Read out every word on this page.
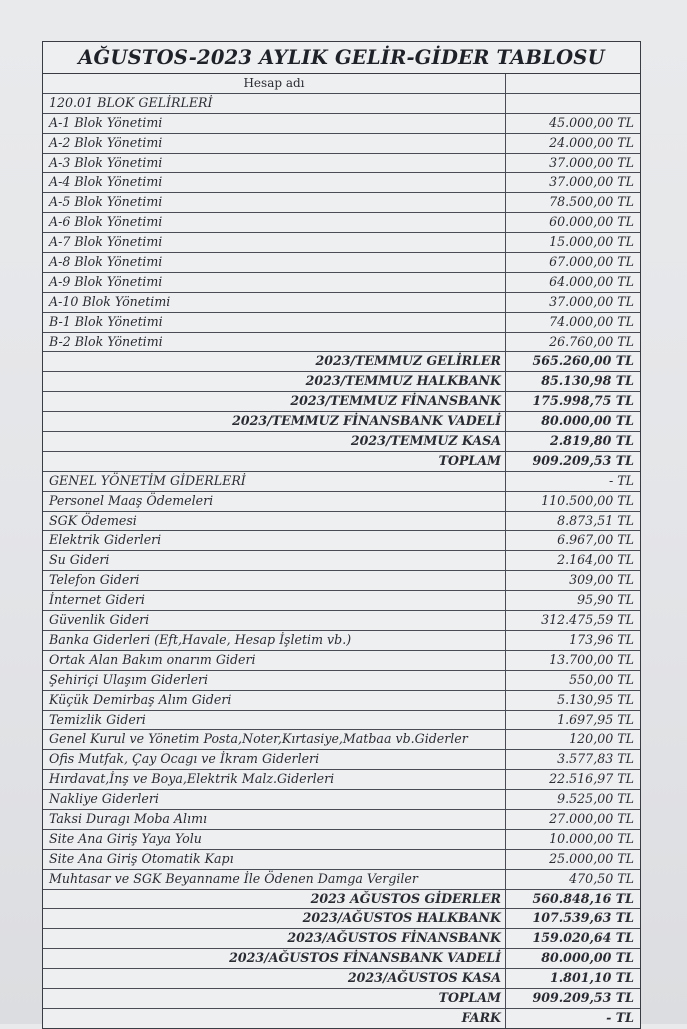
AĞUSTOS-2023 AYLIK GELİR-GİDER TABLOSU
Hesap adı
120.01 BLOK GELİRLERİ
A-1 Blok Yönetimi	45.000,00 TL
A-2 Blok Yönetimi	24.000,00 TL
A-3 Blok Yönetimi	37.000,00 TL
A-4 Blok Yönetimi	37.000,00 TL
A-5 Blok Yönetimi	78.500,00 TL
A-6 Blok Yönetimi	60.000,00 TL
A-7 Blok Yönetimi	15.000,00 TL
A-8 Blok Yönetimi	67.000,00 TL
A-9 Blok Yönetimi	64.000,00 TL
A-10 Blok Yönetimi	37.000,00 TL
B-1 Blok Yönetimi	74.000,00 TL
B-2 Blok Yönetimi	26.760,00 TL
2023/TEMMUZ GELİRLER	565.260,00 TL
2023/TEMMUZ HALKBANK	85.130,98 TL
2023/TEMMUZ FİNANSBANK	175.998,75 TL
2023/TEMMUZ FİNANSBANK VADELİ	80.000,00 TL
2023/TEMMUZ KASA	2.819,80 TL
TOPLAM	909.209,53 TL
GENEL YÖNETİM GİDERLERİ	- TL
Personel Maaş Ödemeleri	110.500,00 TL
SGK Ödemesi	8.873,51 TL
Elektrik Giderleri	6.967,00 TL
Su Gideri	2.164,00 TL
Telefon Gideri	309,00 TL
İnternet Gideri	95,90 TL
Güvenlik Gideri	312.475,59 TL
Banka Giderleri (Eft,Havale, Hesap İşletim vb.)	173,96 TL
Ortak Alan Bakım onarım Gideri	13.700,00 TL
Şehiriçi Ulaşım Giderleri	550,00 TL
Küçük Demirbaş Alım Gideri	5.130,95 TL
Temizlik Gideri	1.697,95 TL
Genel Kurul ve Yönetim Posta,Noter,Kırtasiye,Matbaa vb.Giderler	120,00 TL
Ofis Mutfak, Çay Ocagı ve İkram Giderleri	3.577,83 TL
Hırdavat,İnş ve Boya,Elektrik Malz.Giderleri	22.516,97 TL
Nakliye Giderleri	9.525,00 TL
Taksi Duragı Moba Alımı	27.000,00 TL
Site Ana Giriş Yaya Yolu	10.000,00 TL
Site Ana Giriş Otomatik Kapı	25.000,00 TL
Muhtasar ve SGK Beyanname İle Ödenen Damga Vergiler	470,50 TL
2023 AĞUSTOS GİDERLER	560.848,16 TL
2023/AĞUSTOS HALKBANK	107.539,63 TL
2023/AĞUSTOS FİNANSBANK	159.020,64 TL
2023/AĞUSTOS FİNANSBANK VADELİ	80.000,00 TL
2023/AĞUSTOS KASA	1.801,10 TL
TOPLAM	909.209,53 TL
FARK	- TL
